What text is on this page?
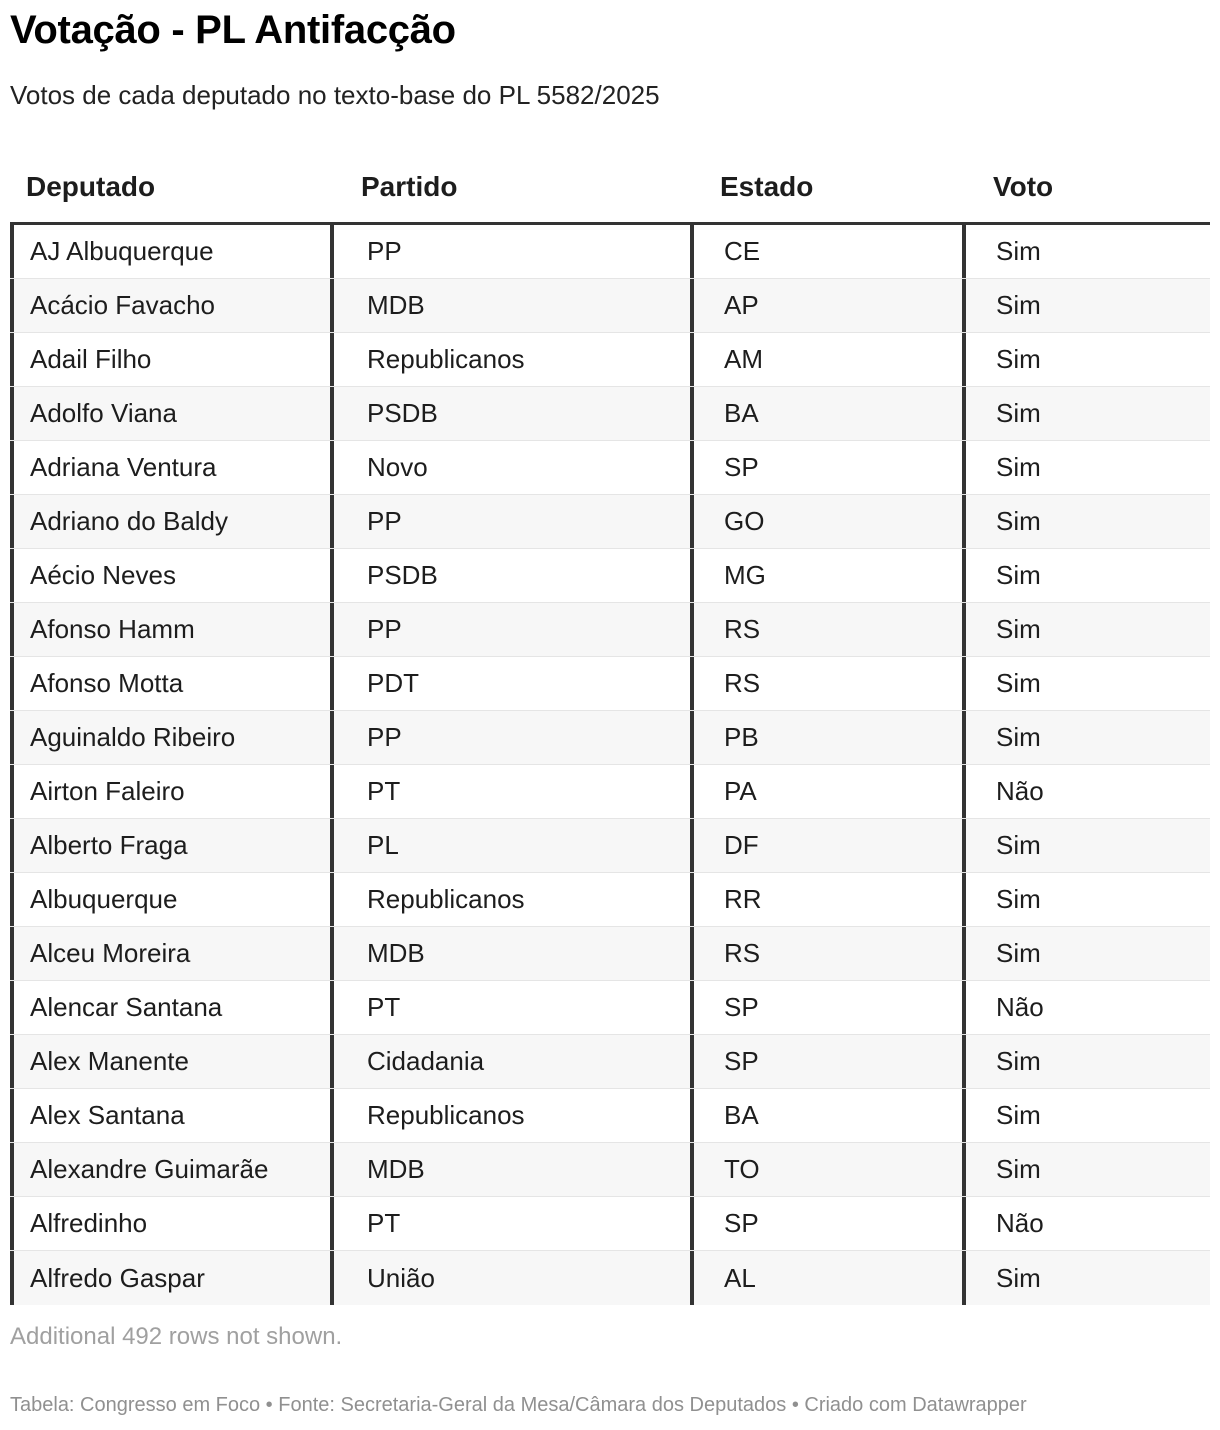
Votação - PL Antifacção

Votos de cada deputado no texto-base do PL 5582/2025

Deputado	Partido	Estado	Voto
AJ Albuquerque	PP	CE	Sim
Acácio Favacho	MDB	AP	Sim
Adail Filho	Republicanos	AM	Sim
Adolfo Viana	PSDB	BA	Sim
Adriana Ventura	Novo	SP	Sim
Adriano do Baldy	PP	GO	Sim
Aécio Neves	PSDB	MG	Sim
Afonso Hamm	PP	RS	Sim
Afonso Motta	PDT	RS	Sim
Aguinaldo Ribeiro	PP	PB	Sim
Airton Faleiro	PT	PA	Não
Alberto Fraga	PL	DF	Sim
Albuquerque	Republicanos	RR	Sim
Alceu Moreira	MDB	RS	Sim
Alencar Santana	PT	SP	Não
Alex Manente	Cidadania	SP	Sim
Alex Santana	Republicanos	BA	Sim
Alexandre Guimarãe	MDB	TO	Sim
Alfredinho	PT	SP	Não
Alfredo Gaspar	União	AL	Sim

Additional 492 rows not shown.

Tabela: Congresso em Foco • Fonte: Secretaria-Geral da Mesa/Câmara dos Deputados • Criado com Datawrapper
